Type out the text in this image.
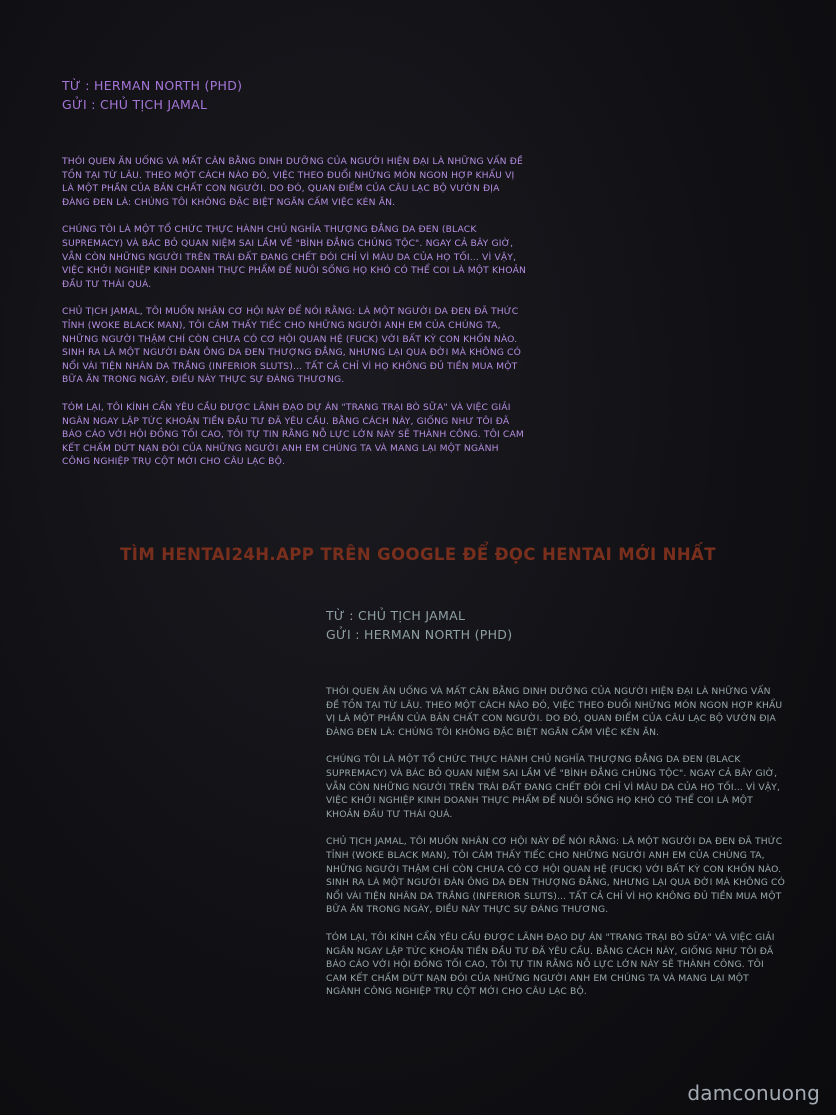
TỪ : HERMAN NORTH (PHD)
GỬI : CHỦ TỊCH JAMAL

THÓI QUEN ĂN UỐNG VÀ MẤT CÂN BẰNG DINH DƯỠNG CỦA NGƯỜI HIỆN ĐẠI LÀ NHỮNG VẤN ĐỀ TỒN TẠI TỪ LÂU. THEO MỘT CÁCH NÀO ĐÓ, VIỆC THEO ĐUỔI NHỮNG MÓN NGON HỢP KHẨU VỊ LÀ MỘT PHẦN CỦA BẢN CHẤT CON NGƯỜI. DO ĐÓ, QUAN ĐIỂM CỦA CÂU LẠC BỘ VƯỜN ĐỊA ĐÀNG ĐEN LÀ: CHÚNG TÔI KHÔNG ĐẶC BIỆT NGĂN CẤM VIỆC KÉN ĂN.

CHÚNG TÔI LÀ MỘT TỔ CHỨC THỰC HÀNH CHỦ NGHĨA THƯỢNG ĐẲNG DA ĐEN (BLACK SUPREMACY) VÀ BÁC BỎ QUAN NIỆM SAI LẦM VỀ "BÌNH ĐẲNG CHỦNG TỘC". NGAY CẢ BÂY GIỜ, VẪN CÒN NHỮNG NGƯỜI TRÊN TRÁI ĐẤT ĐANG CHẾT ĐÓI CHỈ VÌ MÀU DA CỦA HỌ TỐI... VÌ VẬY, VIỆC KHỞI NGHIỆP KINH DOANH THỰC PHẨM ĐỂ NUÔI SỐNG HỌ KHÓ CÓ THỂ COI LÀ MỘT KHOẢN ĐẦU TƯ THÁI QUÁ.

CHỦ TỊCH JAMAL, TÔI MUỐN NHÂN CƠ HỘI NÀY ĐỂ NÓI RẰNG: LÀ MỘT NGƯỜI DA ĐEN ĐÃ THỨC TỈNH (WOKE BLACK MAN), TÔI CẢM THẤY TIẾC CHO NHỮNG NGƯỜI ANH EM CỦA CHÚNG TA, NHỮNG NGƯỜI THẬM CHÍ CÒN CHƯA CÓ CƠ HỘI QUAN HỆ (FUCK) VỚI BẤT KỲ CON KHỐN NÀO. SINH RA LÀ MỘT NGƯỜI ĐÀN ÔNG DA ĐEN THƯỢNG ĐẲNG, NHƯNG LẠI QUA ĐỜI MÀ KHÔNG CÓ NỔI VÀI TIỆN NHÂN DA TRẮNG (INFERIOR SLUTS)... TẤT CẢ CHỈ VÌ HỌ KHÔNG ĐỦ TIỀN MUA MỘT BỮA ĂN TRONG NGÀY, ĐIỀU NÀY THỰC SỰ ĐÁNG THƯƠNG.

TÓM LẠI, TÔI KÍNH CẨN YÊU CẦU ĐƯỢC LÃNH ĐẠO DỰ ÁN "TRANG TRẠI BÒ SỮA" VÀ VIỆC GIẢI NGÂN NGAY LẬP TỨC KHOẢN TIỀN ĐẦU TƯ ĐÃ YÊU CẦU. BẰNG CÁCH NÀY, GIỐNG NHƯ TÔI ĐÃ BÁO CÁO VỚI HỘI ĐỒNG TỐI CAO, TÔI TỰ TIN RẰNG NỖ LỰC LỚN NÀY SẼ THÀNH CÔNG. TÔI CAM KẾT CHẤM DỨT NẠN ĐÓI CỦA NHỮNG NGƯỜI ANH EM CHÚNG TA VÀ MANG LẠI MỘT NGÀNH CÔNG NGHIỆP TRỤ CỘT MỚI CHO CÂU LẠC BỘ.

TÌM HENTAI24H.APP TRÊN GOOGLE ĐỂ ĐỌC HENTAI MỚI NHẤT
TỪ : CHỦ TỊCH JAMAL
GỬI : HERMAN NORTH (PHD)

THÓI QUEN ĂN UỐNG VÀ MẤT CÂN BẰNG DINH DƯỠNG CỦA NGƯỜI HIỆN ĐẠI LÀ NHỮNG VẤN ĐỀ TỒN TẠI TỪ LÂU. THEO MỘT CÁCH NÀO ĐÓ, VIỆC THEO ĐUỔI NHỮNG MÓN NGON HỢP KHẨU VỊ LÀ MỘT PHẦN CỦA BẢN CHẤT CON NGƯỜI. DO ĐÓ, QUAN ĐIỂM CỦA CÂU LẠC BỘ VƯỜN ĐỊA ĐÀNG ĐEN LÀ: CHÚNG TÔI KHÔNG ĐẶC BIỆT NGĂN CẤM VIỆC KÉN ĂN.

CHÚNG TÔI LÀ MỘT TỔ CHỨC THỰC HÀNH CHỦ NGHĨA THƯỢNG ĐẲNG DA ĐEN (BLACK SUPREMACY) VÀ BÁC BỎ QUAN NIỆM SAI LẦM VỀ "BÌNH ĐẲNG CHỦNG TỘC". NGAY CẢ BÂY GIỜ, VẪN CÒN NHỮNG NGƯỜI TRÊN TRÁI ĐẤT ĐANG CHẾT ĐÓI CHỈ VÌ MÀU DA CỦA HỌ TỐI... VÌ VẬY, VIỆC KHỞI NGHIỆP KINH DOANH THỰC PHẨM ĐỂ NUÔI SỐNG HỌ KHÓ CÓ THỂ COI LÀ MỘT KHOẢN ĐẦU TƯ THÁI QUÁ.

CHỦ TỊCH JAMAL, TÔI MUỐN NHÂN CƠ HỘI NÀY ĐỂ NÓI RẰNG: LÀ MỘT NGƯỜI DA ĐEN ĐÃ THỨC TỈNH (WOKE BLACK MAN), TÔI CẢM THẤY TIẾC CHO NHỮNG NGƯỜI ANH EM CỦA CHÚNG TA, NHỮNG NGƯỜI THẬM CHÍ CÒN CHƯA CÓ CƠ HỘI QUAN HỆ (FUCK) VỚI BẤT KỲ CON KHỐN NÀO. SINH RA LÀ MỘT NGƯỜI ĐÀN ÔNG DA ĐEN THƯỢNG ĐẲNG, NHƯNG LẠI QUA ĐỜI MÀ KHÔNG CÓ NỔI VÀI TIỆN NHÂN DA TRẮNG (INFERIOR SLUTS)... TẤT CẢ CHỈ VÌ HỌ KHÔNG ĐỦ TIỀN MUA MỘT BỮA ĂN TRONG NGÀY, ĐIỀU NÀY THỰC SỰ ĐÁNG THƯƠNG.

TÓM LẠI, TÔI KÍNH CẨN YÊU CẦU ĐƯỢC LÃNH ĐẠO DỰ ÁN "TRANG TRẠI BÒ SỮA" VÀ VIỆC GIẢI NGÂN NGAY LẬP TỨC KHOẢN TIỀN ĐẦU TƯ ĐÃ YÊU CẦU. BẰNG CÁCH NÀY, GIỐNG NHƯ TÔI ĐÃ BÁO CÁO VỚI HỘI ĐỒNG TỐI CAO, TÔI TỰ TIN RẰNG NỖ LỰC LỚN NÀY SẼ THÀNH CÔNG. TÔI CAM KẾT CHẤM DỨT NẠN ĐÓI CỦA NHỮNG NGƯỜI ANH EM CHÚNG TA VÀ MANG LẠI MỘT NGÀNH CÔNG NGHIỆP TRỤ CỘT MỚI CHO CÂU LẠC BỘ.

damconuong
